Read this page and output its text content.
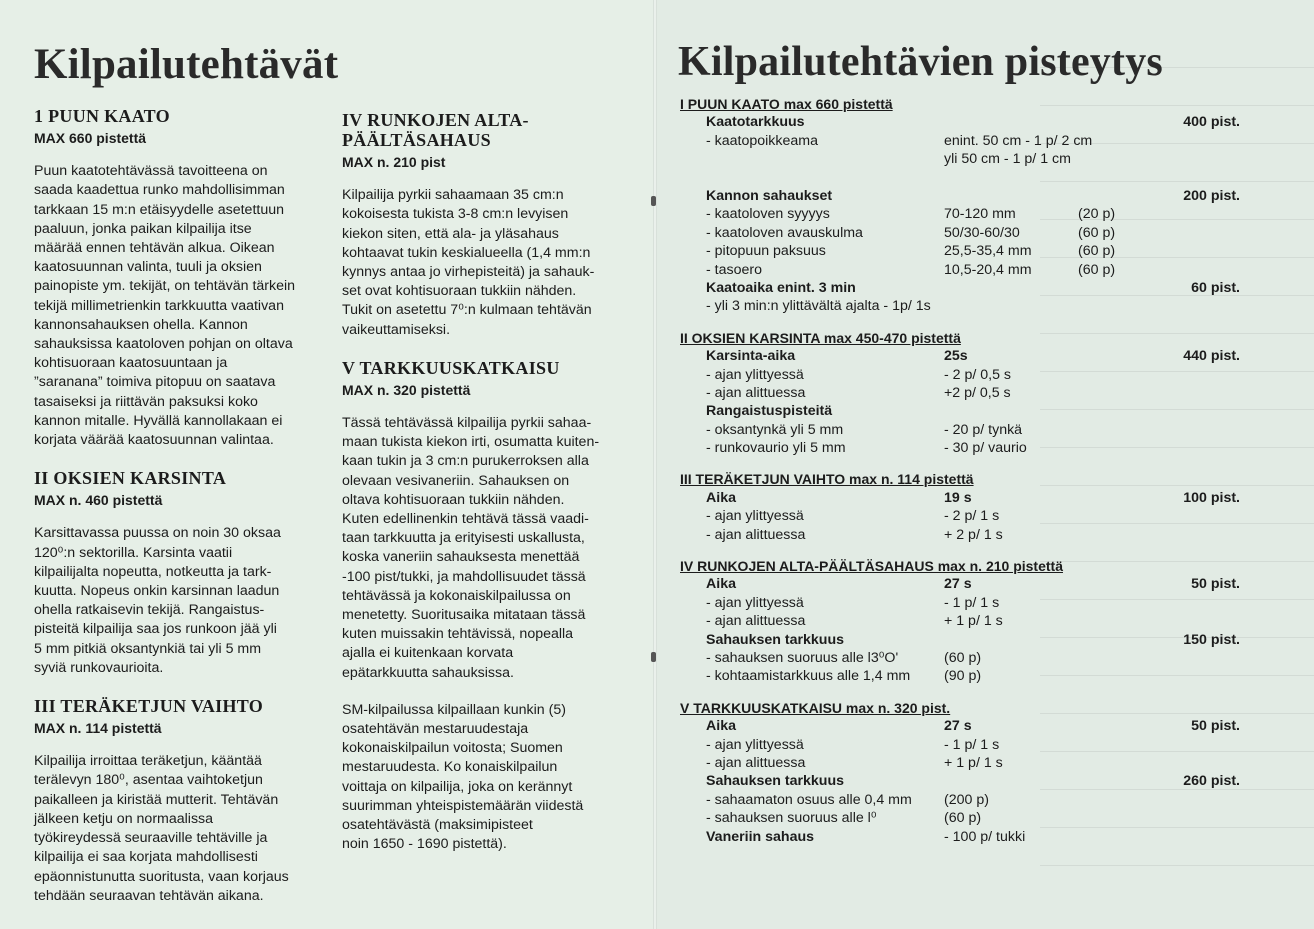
Kilpailutehtävät
1 PUUN KAATO
MAX 660 pistettä

Puun kaatotehtävässä tavoitteena on

saada kaadettua runko mahdollisimman

tarkkaan 15 m:n etäisyydelle asetettuun

paaluun, jonka paikan kilpailija itse

määrää ennen tehtävän alkua. Oikean

kaatosuunnan valinta, tuuli ja oksien

painopiste ym. tekijät, on tehtävän tärkein

tekijä millimetrienkin tarkkuutta vaativan

kannonsahauksen ohella. Kannon

sahauksissa kaatoloven pohjan on oltava

kohtisuoraan kaatosuuntaan ja

”saranana” toimiva pitopuu on saatava

tasaiseksi ja riittävän paksuksi koko

kannon mitalle. Hyvällä kannollakaan ei

korjata väärää kaatosuunnan valintaa.

II OKSIEN KARSINTA
MAX n. 460 pistettä

Karsittavassa puussa on noin 30 oksaa

120⁰:n sektorilla. Karsinta vaatii

kilpailijalta nopeutta, notkeutta ja tark-

kuutta. Nopeus onkin karsinnan laadun

ohella ratkaisevin tekijä. Rangaistus-

pisteitä kilpailija saa jos runkoon jää yli

5 mm pitkiä oksantynkiä tai yli 5 mm

syviä runkovaurioita.

III TERÄKETJUN VAIHTO
MAX n. 114 pistettä

Kilpailija irroittaa teräketjun, kääntää

terälevyn 180⁰, asentaa vaihtoketjun

paikalleen ja kiristää mutterit. Tehtävän

jälkeen ketju on normaalissa

työkireydessä seuraaville tehtäville ja

kilpailija ei saa korjata mahdollisesti

epäonnistunutta suoritusta, vaan korjaus

tehdään seuraavan tehtävän aikana.

IV RUNKOJEN ALTA-
PÄÄLTÄSAHAUS
MAX n. 210 pist

Kilpailija pyrkii sahaamaan 35 cm:n

kokoisesta tukista 3-8 cm:n levyisen

kiekon siten, että ala- ja yläsahaus

kohtaavat tukin keskialueella (1,4 mm:n

kynnys antaa jo virhepisteitä) ja sahauk-

set ovat kohtisuoraan tukkiin nähden.

Tukit on asetettu 7⁰:n kulmaan tehtävän

vaikeuttamiseksi.

V TARKKUUSKATKAISU
MAX n. 320 pistettä

Tässä tehtävässä kilpailija pyrkii sahaa-

maan tukista kiekon irti, osumatta kuiten-

kaan tukin ja 3 cm:n purukerroksen alla

olevaan vesivaneriin. Sahauksen on

oltava kohtisuoraan tukkiin nähden.

Kuten edellinenkin tehtävä tässä vaadi-

taan tarkkuutta ja erityisesti uskallusta,

koska vaneriin sahauksesta menettää

-100 pist/tukki, ja mahdollisuudet tässä

tehtävässä ja kokonaiskilpailussa on

menetetty. Suoritusaika mitataan tässä

kuten muissakin tehtävissä, nopealla

ajalla ei kuitenkaan korvata

epätarkkuutta sahauksissa.

SM-kilpailussa kilpaillaan kunkin (5)

osatehtävän mestaruudestaja

kokonaiskilpailun voitosta; Suomen

mestaruudesta. Ko konaiskilpailun

voittaja on kilpailija, joka on kerännyt

suurimman yhteispistemäärän viidestä

osatehtävästä (maksimipisteet

noin 1650 - 1690 pistettä).

Kilpailutehtävien pisteytys
I PUUN KAATO max 660 pistettä
Kaatotarkkuus	400 pist.
- kaatopoikkeama	enint. 50 cm - 1 p/ 2 cm
yli 50 cm - 1 p/ 1 cm
Kannon sahaukset	200 pist.
- kaatoloven syyyys	70-120 mm	(20 p)
- kaatoloven avauskulma	50/30-60/30	(60 p)
- pitopuun paksuus	25,5-35,4 mm	(60 p)
- tasoero	10,5-20,4 mm	(60 p)
Kaatoaika enint. 3 min	60 pist.
- yli 3 min:n ylittävältä ajalta - 1p/ 1s
II OKSIEN KARSINTA max 450-470 pistettä
Karsinta-aika	25s	440 pist.
- ajan ylittyessä	- 2 p/ 0,5 s
- ajan alittuessa	+2 p/ 0,5 s
Rangaistuspisteitä
- oksantynkä yli 5 mm	- 20 p/ tynkä
- runkovaurio yli 5 mm	- 30 p/ vaurio
III TERÄKETJUN VAIHTO max n. 114 pistettä
Aika	19 s	100 pist.
- ajan ylittyessä	- 2 p/ 1 s
- ajan alittuessa	+ 2 p/ 1 s
IV RUNKOJEN ALTA-PÄÄLTÄSAHAUS max n. 210 pistettä
Aika	27 s	50 pist.
- ajan ylittyessä	- 1 p/ 1 s
- ajan alittuessa	+ 1 p/ 1 s
Sahauksen tarkkuus	150 pist.
- sahauksen suoruus alle l3⁰O'	(60 p)
- kohtaamistarkkuus alle 1,4 mm (90 p)
V TARKKUUSKATKAISU max n. 320 pist.
Aika	27 s	50 pist.
- ajan ylittyessä	- 1 p/ 1 s
- ajan alittuessa	+ 1 p/ 1 s
Sahauksen tarkkuus	260 pist.
- sahaamaton osuus alle 0,4 mm (200 p)
- sahauksen suoruus alle l⁰	(60 p)
Vaneriin sahaus	- 100 p/ tukki
